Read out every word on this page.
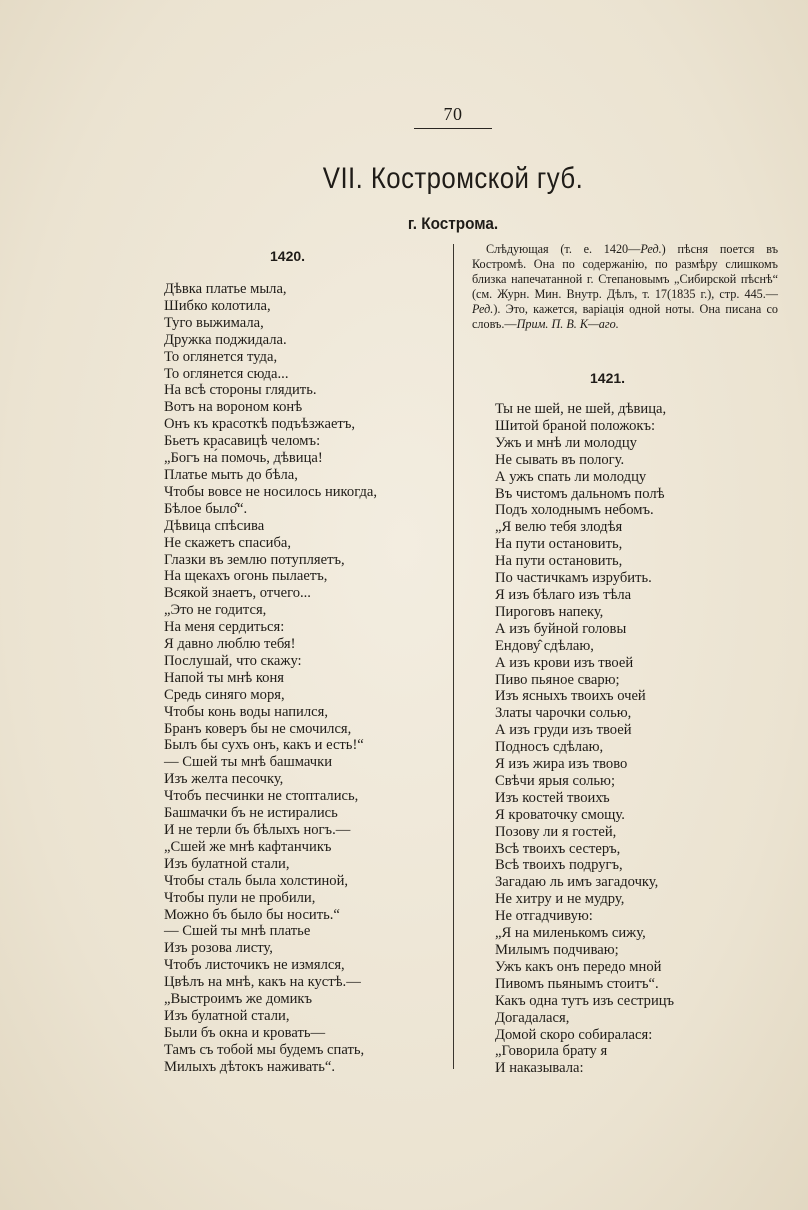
70
VII. Костромской губ.
г. Кострома.
1420.
Дѣвка платье мыла,
Шибко колотила,
Туго выжимала,
Дружка поджидала.
То оглянется туда,
То оглянется сюда...
На всѣ стороны глядить.
Вотъ на вороном конѣ
Онъ къ красоткѣ подъѣзжаетъ,
Бьетъ красавицѣ челомъ:
„Богъ на́ помочь, дѣвица!
Платье мыть до бѣла,
Чтобы вовсе не носилось никогда,
Бѣлое было̂“.
Дѣвица спѣсива
Не скажетъ спасиба,
Глазки въ землю потупляетъ,
На щекахъ огонь пылаетъ,
Всякой знаетъ, отчего...
„Это не годится,
На меня сердиться:
Я давно люблю тебя!
Послушай, что скажу:
Напой ты мнѣ коня
Средь синяго моря,
Чтобы конь воды напился,
Бранъ коверъ бы не смочился,
Былъ бы сухъ онъ, какъ и есть!“
— Сшей ты мнѣ башмачки
Изъ желта песочку,
Чтобъ песчинки не стоптались,
Башмачки бъ не истирались
И не терли бъ бѣлыхъ ногъ.—
„Сшей же мнѣ кафтанчикъ
Изъ булатной стали,
Чтобы сталь была холстиной,
Чтобы пули не пробили,
Можно бъ было бы носить.“
— Сшей ты мнѣ платье
Изъ розова листу,
Чтобъ листочикъ не измялся,
Цвѣлъ на мнѣ, какъ на кустѣ.—
„Выстроимъ же домикъ
Изъ булатной стали,
Были бъ окна и кровать—
Тамъ съ тобой мы будемъ спать,
Милыхъ дѣтокъ наживать“.

Слѣдующая (т. е. 1420—Ред.) пѣсня поется въ Костромѣ. Она по содержанію, по размѣру слишкомъ близка напечатанной г. Степановымъ „Сибирской пѣснѣ“ (см. Журн. Мин. Внутр. Дѣлъ, т. 17(1835 г.), стр. 445.—Ред.). Это, кажется, варіація одной ноты. Она писана со словъ.—Прим. П. В. К—аго.

1421.
Ты не шей, не шей, дѣвица,
Шитой браной положокъ:
Ужъ и мнѣ ли молодцу
Не сывать въ пологу.
А ужъ спать ли молодцу
Въ чистомъ дальномъ полѣ
Подъ холоднымъ небомъ.
„Я велю тебя злодѣя
На пути остановить,
На пути остановить,
По частичкамъ изрубить.
Я изъ бѣлаго изъ тѣла
Пироговъ напеку,
А изъ буйной головы
Ендову̂ сдѣлаю,
А изъ крови изъ твоей
Пиво пьяное сварю;
Изъ ясныхъ твоихъ очей
Златы чарочки солью,
А изъ груди изъ твоей
Подносъ сдѣлаю,
Я изъ жира изъ твово
Свѣчи ярыя солью;
Изъ костей твоихъ
Я кроваточку смощу.
Позову ли я гостей,
Всѣ твоихъ сестеръ,
Всѣ твоихъ подругъ,
Загадаю ль имъ загадочку,
Не хитру и не мудру,
Не отгадчивую:
„Я на миленькомъ сижу,
Милымъ подчиваю;
Ужъ какъ онъ передо мной
Пивомъ пьянымъ стоитъ“.
Какъ одна тутъ изъ сестрицъ
Догадалася,
Домой скоро собиралася:
„Говорила брату я
И наказывала:
